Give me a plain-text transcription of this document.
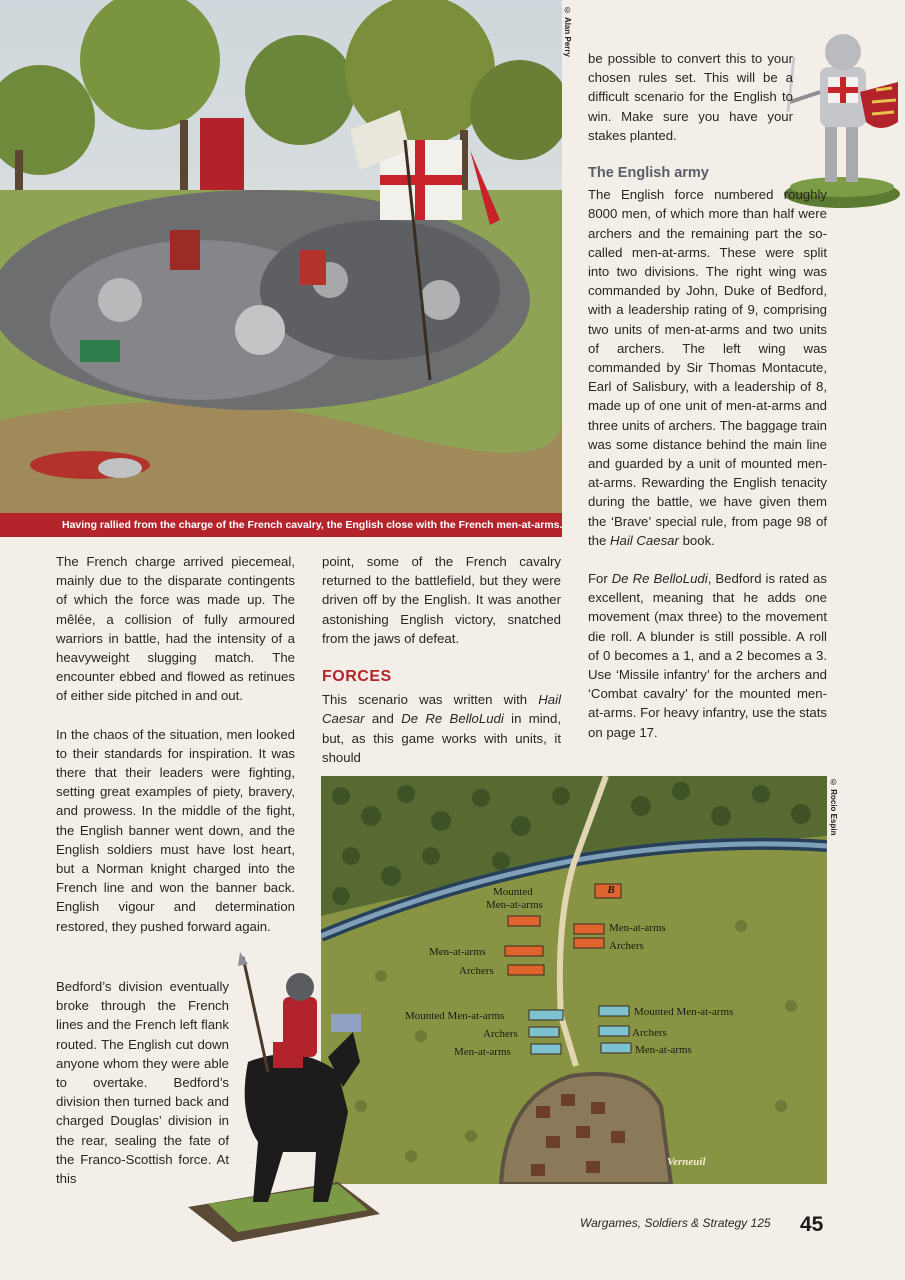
© Alan Perry
Having rallied from the charge of the French cavalry, the English close with the French men-at-arms.

The French charge arrived piecemeal, mainly due to the disparate contingents of which the force was made up. The mêlée, a collision of fully armoured warriors in battle, had the intensity of a heavyweight slugging match. The encounter ebbed and flowed as retinues of either side pitched in and out.

In the chaos of the situation, men looked to their standards for inspiration. It was there that their leaders were fighting, setting great examples of piety, bravery, and prowess. In the middle of the fight, the English banner went down, and the English soldiers must have lost heart, but a Norman knight charged into the French line and won the banner back. English vigour and determination restored, they pushed forward again.

Bedford’s division eventually broke through the French lines and the French left flank routed. The English cut down anyone whom they were able to overtake. Bedford’s division then turned back and charged Douglas’ division in the rear, sealing the fate of the Franco-Scottish force. At this

point, some of the French cavalry returned to the battlefield, but they were driven off by the English. It was another astonishing English victory, snatched from the jaws of defeat.

FORCES

This scenario was written with Hail Caesar and De Re BelloLudi in mind, but, as this game works with units, it should

be possible to convert this to your chosen rules set. This will be a difficult scenario for the English to win. Make sure you have your stakes planted.

The English army

The English force numbered roughly 8000 men, of which more than half were archers and the remaining part the so-called men-at-arms. These were split into two divisions. The right wing was commanded by John, Duke of Bedford, with a leadership rating of 9, comprising two units of men-at-arms and two units of archers. The left wing was commanded by Sir Thomas Montacute, Earl of Salisbury, with a leadership of 8, made up of one unit of men-at-arms and three units of archers. The baggage train was some distance behind the main line and guarded by a unit of mounted men-at-arms. Rewarding the English tenacity during the battle, we have given them the ‘Brave’ special rule, from page 98 of the Hail Caesar book.

For De Re BelloLudi, Bedford is rated as excellent, meaning that he adds one movement (max three) to the movement die roll. A blunder is still possible. A roll of 0 becomes a 1, and a 2 becomes a 3. Use ‘Missile infantry’ for the archers and ‘Combat cavalry’ for the mounted men-at-arms. For heavy infantry, use the stats on page 17.

Mounted
Men-at-arms
Men-at-arms
Archers
Men-at-arms
Archers
Mounted Men-at-arms
Archers
Men-at-arms
Mounted Men-at-arms
Archers
Men-at-arms
B
Verneuil
© Rocio Espin
Wargames, Soldiers & Strategy 125 45
